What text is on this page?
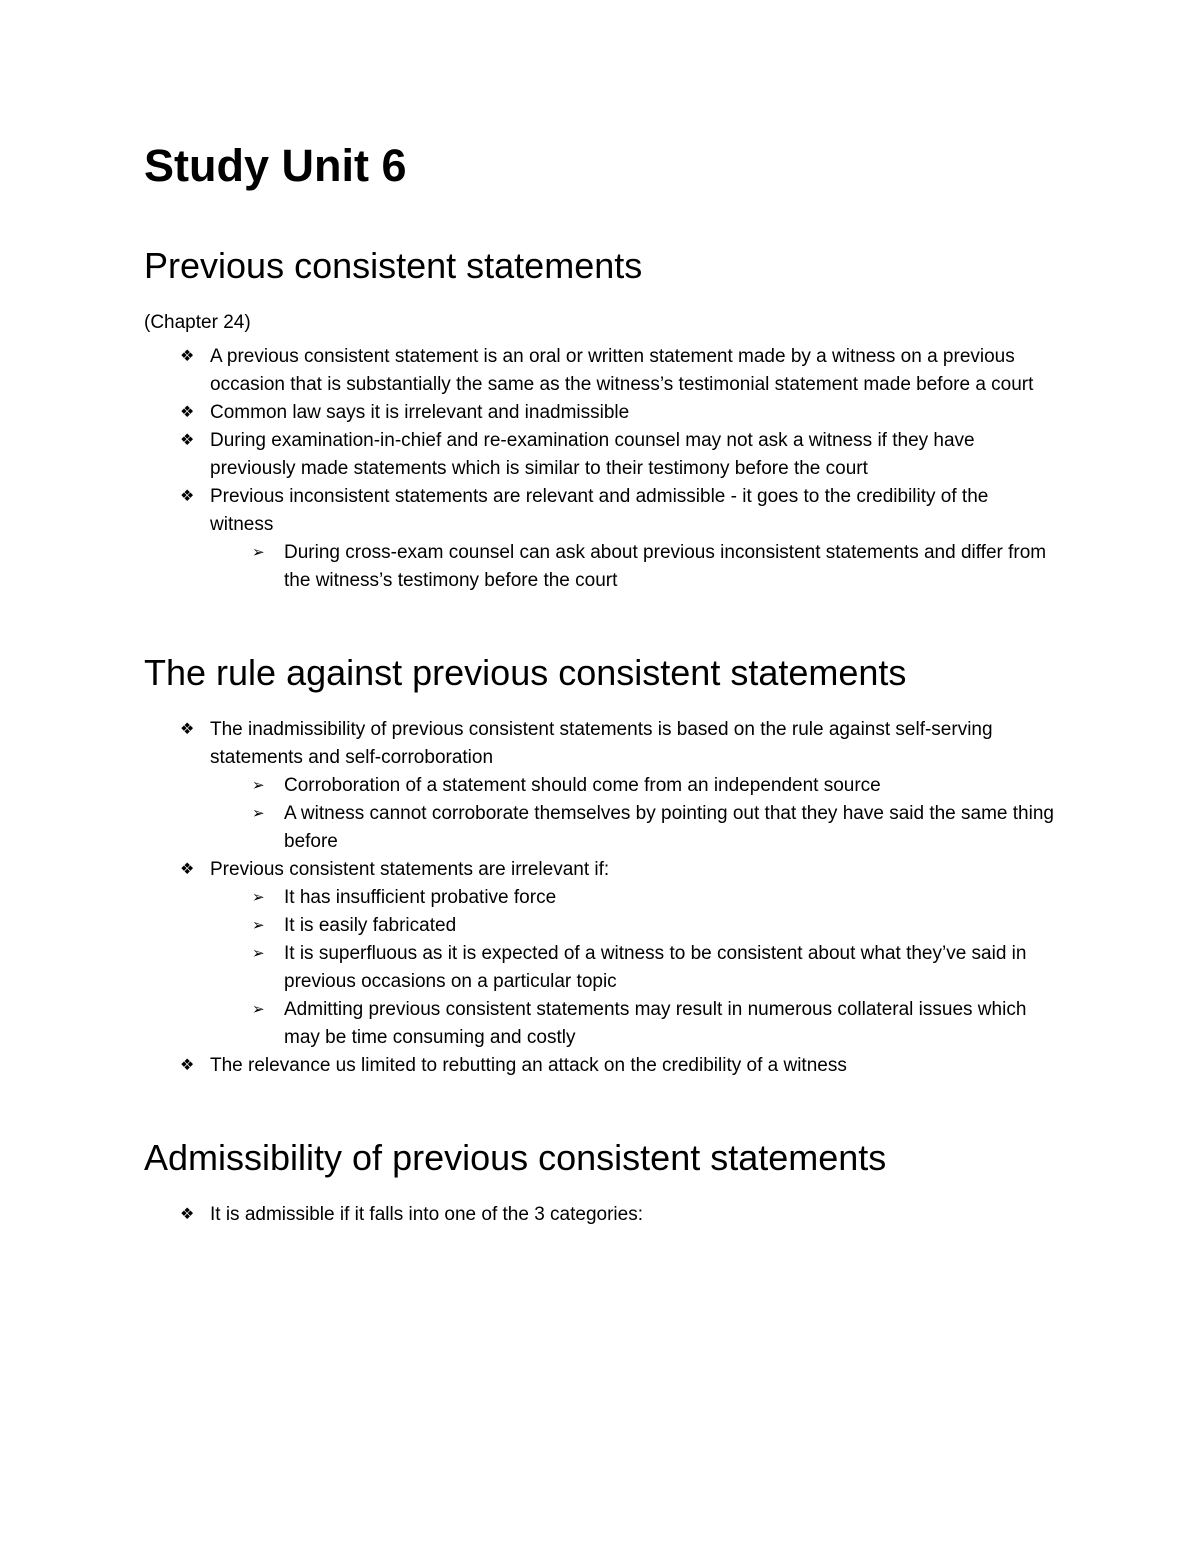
Study Unit 6
Previous consistent statements

(Chapter 24)

❖ A previous consistent statement is an oral or written statement made by a witness on a previous occasion that is substantially the same as the witness’s testimonial statement made before a court
❖ Common law says it is irrelevant and inadmissible
❖ During examination-in-chief and re-examination counsel may not ask a witness if they have previously made statements which is similar to their testimony before the court
❖ Previous inconsistent statements are relevant and admissible - it goes to the credibility of the witness
➢	During cross-exam counsel can ask about previous inconsistent statements and differ from the witness’s testimony before the court
The rule against previous consistent statements
❖ The inadmissibility of previous consistent statements is based on the rule against self-serving statements and self-corroboration
➢	Corroboration of a statement should come from an independent source
➢	A witness cannot corroborate themselves by pointing out that they have said the same thing before
❖ Previous consistent statements are irrelevant if:
➢	It has insufficient probative force
➢	It is easily fabricated
➢	It is superfluous as it is expected of a witness to be consistent about what they’ve said in previous occasions on a particular topic
➢	Admitting previous consistent statements may result in numerous collateral issues which may be time consuming and costly
❖ The relevance us limited to rebutting an attack on the credibility of a witness
Admissibility of previous consistent statements
❖ It is admissible if it falls into one of the 3 categories:
